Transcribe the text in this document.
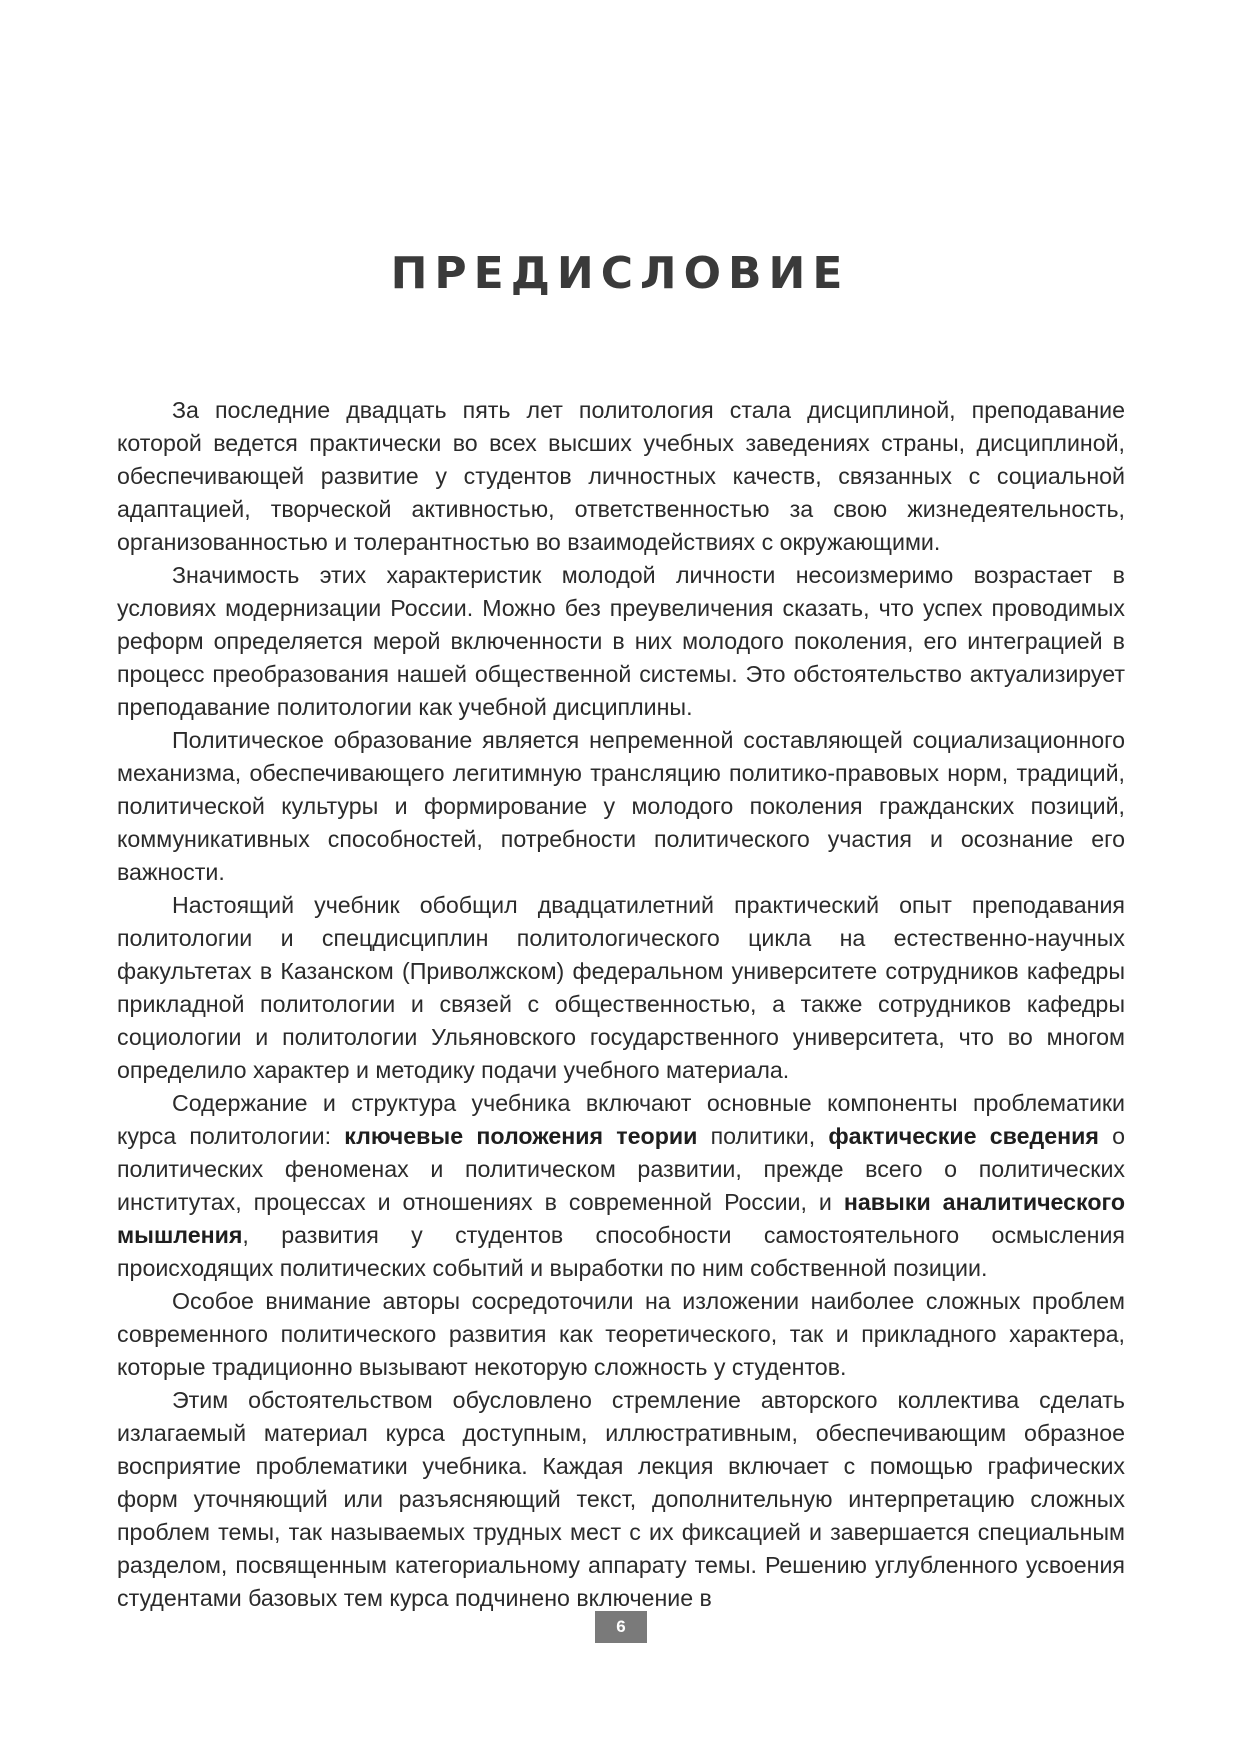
ПРЕДИСЛОВИЕ

За последние двадцать пять лет политология стала дисциплиной, преподавание которой ведется практически во всех высших учебных заведениях страны, дисциплиной, обеспечивающей развитие у студентов личностных качеств, связанных с социальной адаптацией, творческой активностью, ответственностью за свою жизнедеятельность, организованностью и толерантностью во взаимодействиях с окружающими.

Значимость этих характеристик молодой личности несоизмеримо возрастает в условиях модернизации России. Можно без преувеличения сказать, что успех проводимых реформ определяется мерой включенности в них молодого поколения, его интеграцией в процесс преобразования нашей общественной системы. Это обстоятельство актуализирует преподавание политологии как учебной дисциплины.

Политическое образование является непременной составляющей социализационного механизма, обеспечивающего легитимную трансляцию политико-правовых норм, традиций, политической культуры и формирование у молодого поколения гражданских позиций, коммуникативных способностей, потребности политического участия и осознание его важности.

Настоящий учебник обобщил двадцатилетний практический опыт преподавания политологии и спецдисциплин политологического цикла на естественно-научных факультетах в Казанском (Приволжском) федеральном университете сотрудников кафедры прикладной политологии и связей с общественностью, а также сотрудников кафедры социологии и политологии Ульяновского государственного университета, что во многом определило характер и методику подачи учебного материала.

Содержание и структура учебника включают основные компоненты проблематики курса политологии: ключевые положения теории политики, фактические сведения о политических феноменах и политическом развитии, прежде всего о политических институтах, процессах и отношениях в современной России, и навыки аналитического мышления, развития у студентов способности самостоятельного осмысления происходящих политических событий и выработки по ним собственной позиции.

Особое внимание авторы сосредоточили на изложении наиболее сложных проблем современного политического развития как теоретического, так и прикладного характера, которые традиционно вызывают некоторую сложность у студентов.

Этим обстоятельством обусловлено стремление авторского коллектива сделать излагаемый материал курса доступным, иллюстративным, обеспечивающим образное восприятие проблематики учебника. Каждая лекция включает с помощью графических форм уточняющий или разъясняющий текст, дополнительную интерпретацию сложных проблем темы, так называемых трудных мест с их фиксацией и завершается специальным разделом, посвященным категориальному аппарату темы. Решению углубленного усвоения студентами базовых тем курса подчинено включение в

6
